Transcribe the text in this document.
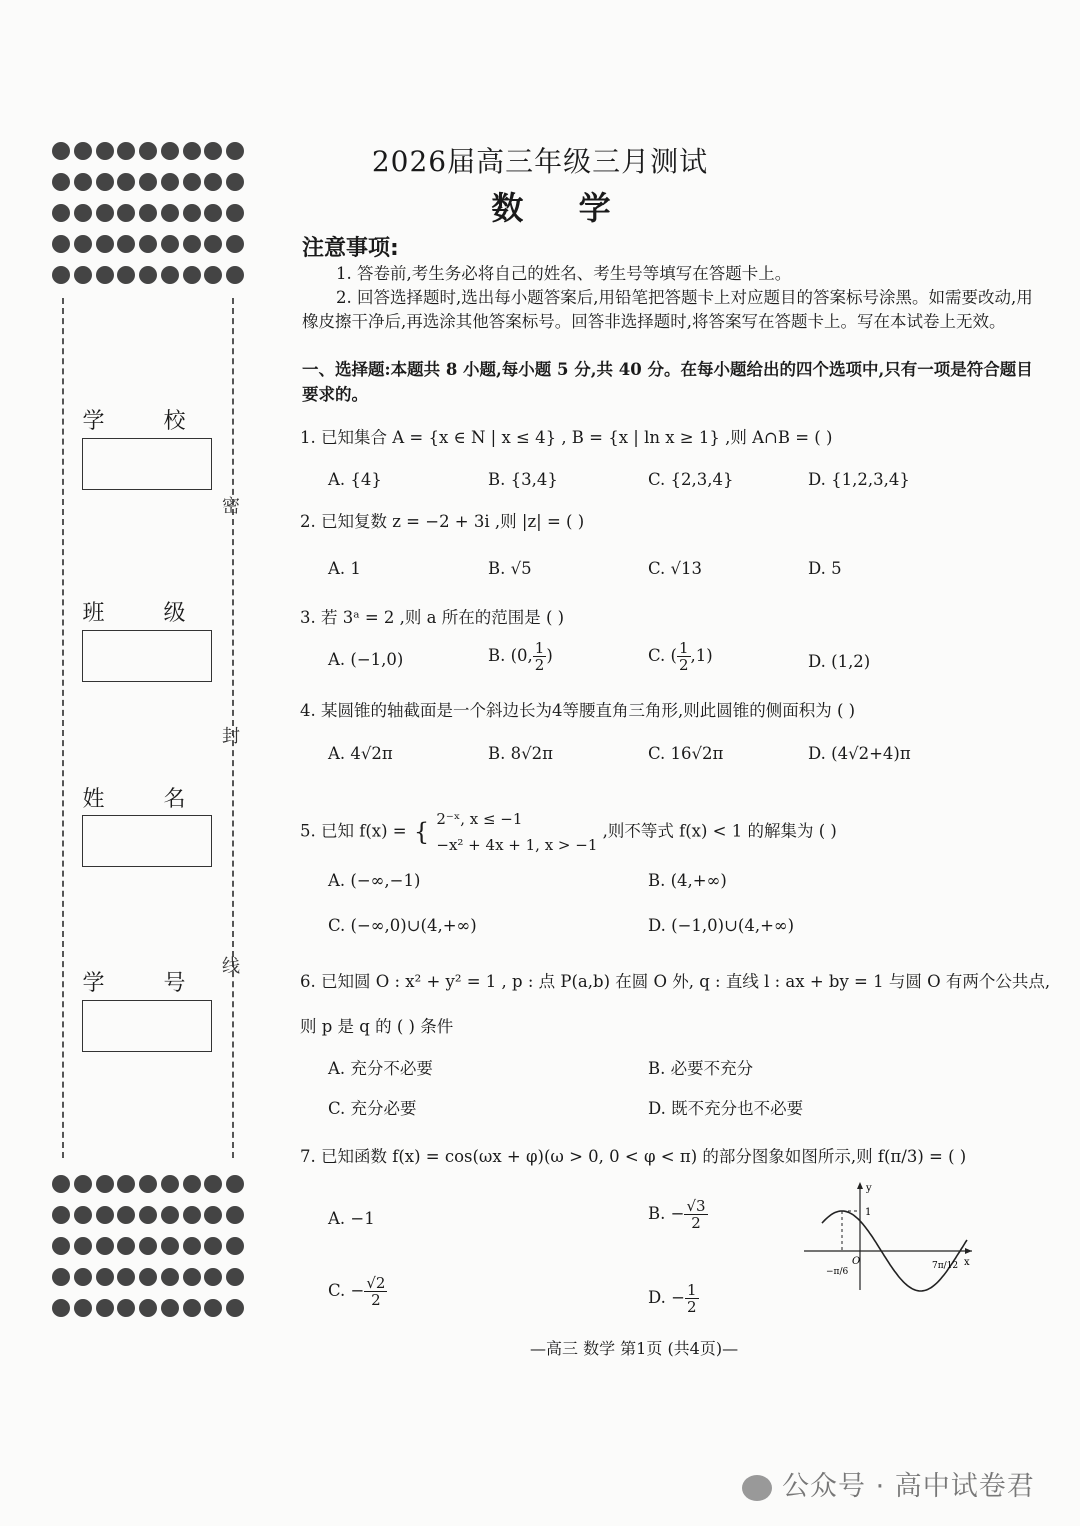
学 校
班 级
姓 名
学 号
密
封
线
2026届高三年级三月测试
数 学
注意事项:
1. 答卷前,考生务必将自己的姓名、考生号等填写在答题卡上。
2. 回答选择题时,选出每小题答案后,用铅笔把答题卡上对应题目的答案标号涂黑。如需要改动,用橡皮擦干净后,再选涂其他答案标号。回答非选择题时,将答案写在答题卡上。写在本试卷上无效。
一、选择题:本题共 8 小题,每小题 5 分,共 40 分。在每小题给出的四个选项中,只有一项是符合题目要求的。
1. 已知集合 A = {x ∈ N | x ≤ 4} , B = {x | ln x ≥ 1} ,则 A∩B = ( )
A. {4}	B. {3,4}	C. {2,3,4}	D. {1,2,3,4}
2. 已知复数 z = −2 + 3i ,则 |z| = ( )
A. 1	B. √5	C. √13	D. 5
3. 若 3ᵃ = 2 ,则 a 所在的范围是 ( )
A. (−1,0)	B. (0, $\frac{1}{2}$ )	C. ( $\frac{1}{2} ,1$)	D. (1,2)
4. 某圆锥的轴截面是一个斜边长为4等腰直角三角形,则此圆锥的侧面积为 ( )
A. 4√2π	B. 8√2π	C. 16√2π	D. (4√2+4)π
5. 已知 f(x) = { 2⁻ˣ, x ≤ −1
−x² + 4x + 1, x > −1
,则不等式 f(x) < 1 的解集为 ( )
A. (−∞,−1)	B. (4,+∞)
C. (−∞,0)∪(4,+∞)	D. (−1,0)∪(4,+∞)
6. 已知圆 O : x² + y² = 1 , p : 点 P(a,b) 在圆 O 外, q : 直线 l : ax + by = 1 与圆 O 有两个公共点,
则 p 是 q 的 ( ) 条件
A. 充分不必要	B. 必要不充分
C. 充分必要	D. 既不充分也不必要
7. 已知函数 f(x) = cos(ωx + φ)(ω > 0, 0 < φ < π) 的部分图象如图所示,则 f(π/3) = ( )
A. −1	B. − $\frac{√3}{2}$
C. − $\frac{√2}{2}$	D. − $\frac{1}{2}$
y
x
O
1
−π/6
7π/12
—高三 数学 第1页 (共4页)—
公众号 · 高中试卷君
